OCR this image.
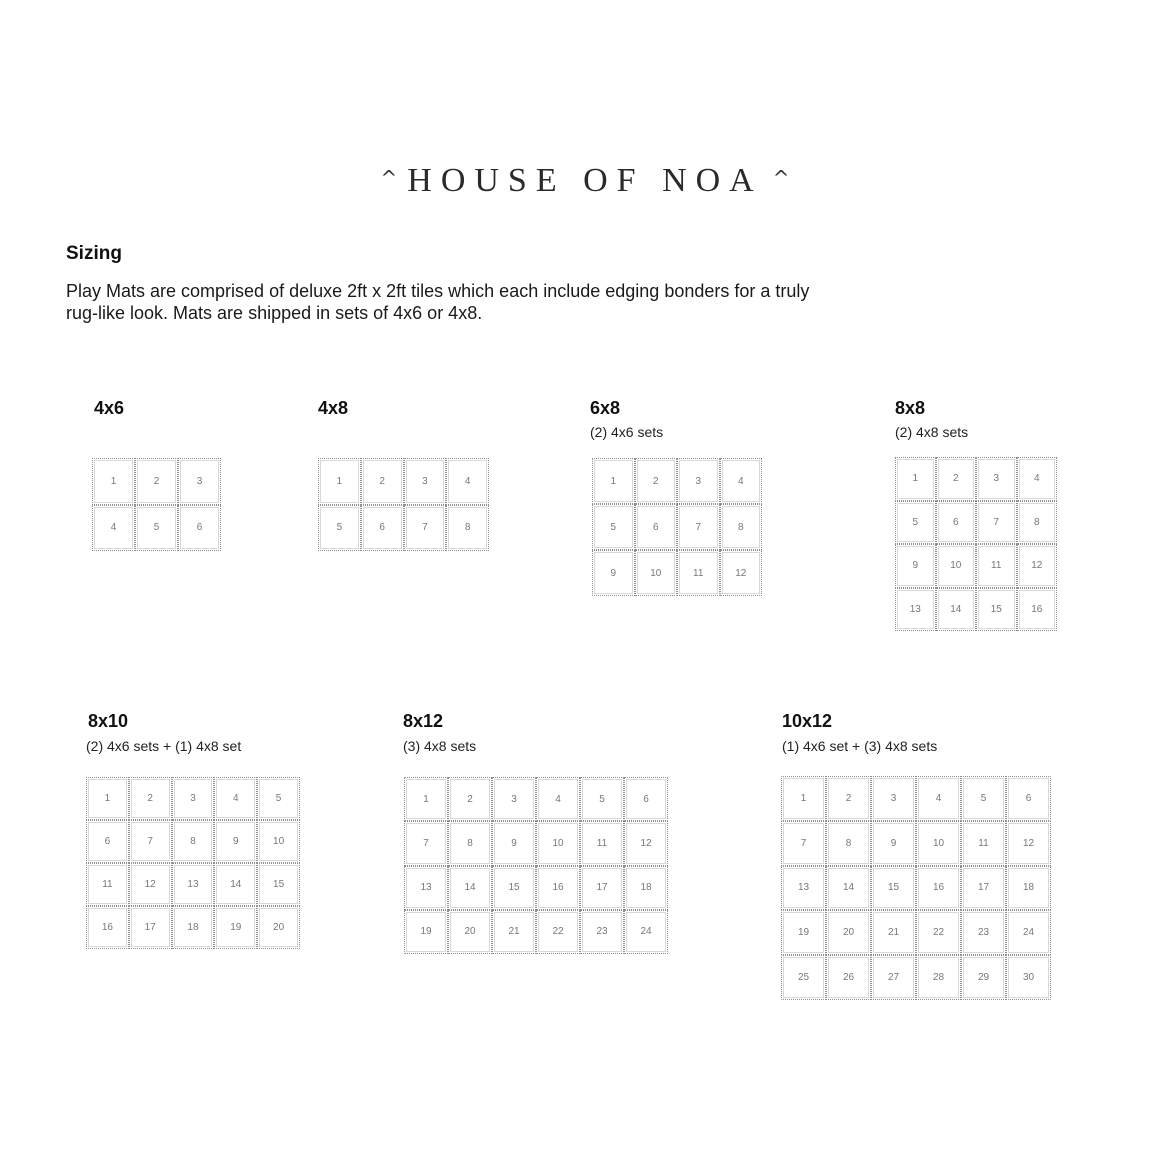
^ HOUSE OF NOA ^
Sizing
Play Mats are comprised of deluxe 2ft x 2ft tiles which each include edging bonders for a truly rug-like look. Mats are shipped in sets of 4x6 or 4x8.
4x6
1	2	3
4	5	6
4x8
1	2	3	4
5	6	7	8
6x8
(2) 4x6 sets
1	2	3	4
5	6	7	8
9	10	11	12
8x8
(2) 4x8 sets
1	2	3	4
5	6	7	8
9	10	11	12
13	14	15	16
8x10
(2) 4x6 sets + (1) 4x8 set
1	2	3	4	5
6	7	8	9	10
11	12	13	14	15
16	17	18	19	20
8x12
(3) 4x8 sets
1	2	3	4	5	6
7	8	9	10	11	12
13	14	15	16	17	18
19	20	21	22	23	24
10x12
(1) 4x6 set + (3) 4x8 sets
1	2	3	4	5	6
7	8	9	10	11	12
13	14	15	16	17	18
19	20	21	22	23	24
25	26	27	28	29	30
